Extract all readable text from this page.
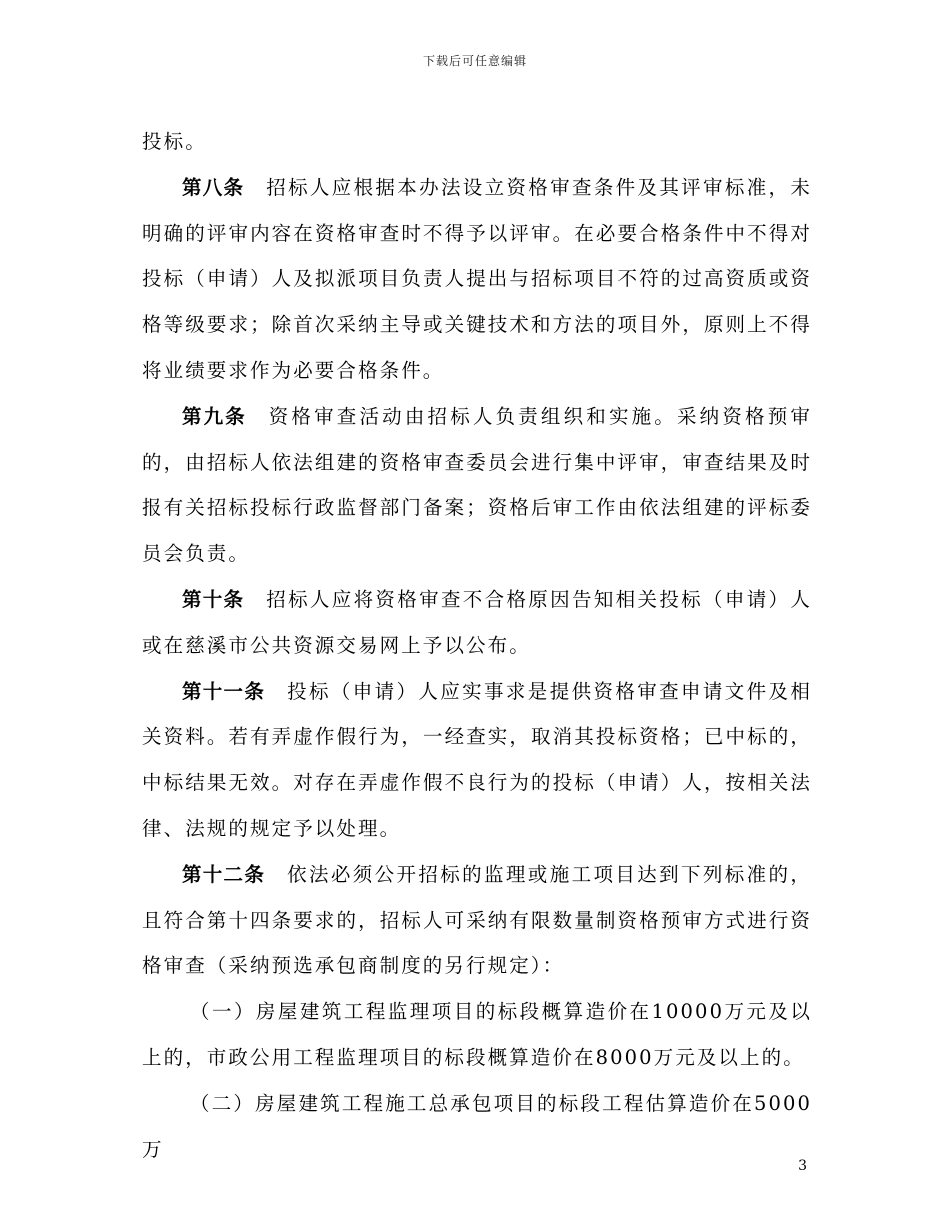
下载后可任意编辑

投标。

第八条 招标人应根据本办法设立资格审查条件及其评审标准，未明确的评审内容在资格审查时不得予以评审。在必要合格条件中不得对投标（申请）人及拟派项目负责人提出与招标项目不符的过高资质或资格等级要求；除首次采纳主导或关键技术和方法的项目外，原则上不得将业绩要求作为必要合格条件。

第九条 资格审查活动由招标人负责组织和实施。采纳资格预审的，由招标人依法组建的资格审查委员会进行集中评审，审查结果及时报有关招标投标行政监督部门备案；资格后审工作由依法组建的评标委员会负责。

第十条 招标人应将资格审查不合格原因告知相关投标（申请）人或在慈溪市公共资源交易网上予以公布。

第十一条 投标（申请）人应实事求是提供资格审查申请文件及相关资料。若有弄虚作假行为，一经查实，取消其投标资格；已中标的，中标结果无效。对存在弄虚作假不良行为的投标（申请）人，按相关法律、法规的规定予以处理。

第十二条 依法必须公开招标的监理或施工项目达到下列标准的，且符合第十四条要求的，招标人可采纳有限数量制资格预审方式进行资格审查（采纳预选承包商制度的另行规定）：

（一）房屋建筑工程监理项目的标段概算造价在10000万元及以上的，市政公用工程监理项目的标段概算造价在8000万元及以上的。

（二）房屋建筑工程施工总承包项目的标段工程估算造价在5000万

3
